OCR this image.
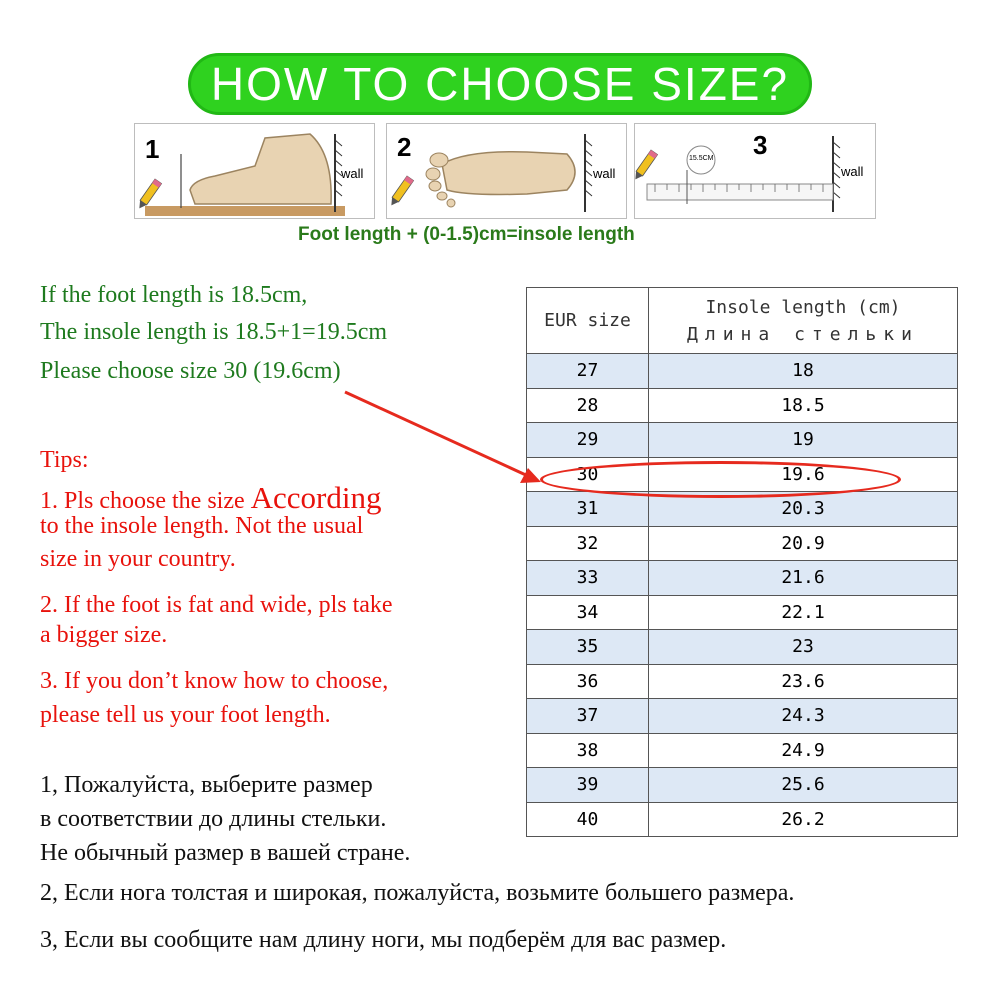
HOW TO CHOOSE SIZE?
1
wall
2
wall
15.5CM 3
wall
Foot length + (0-1.5)cm=insole length
If the foot length is 18.5cm,
The insole length is 18.5+1=19.5cm
Please choose size 30 (19.6cm)
Tips:
1. Pls choose the size According
to the insole length. Not the usual
size in your country.
2. If the foot is fat and wide, pls take
a bigger size.
3. If you don’t know how to choose,
please tell us your foot length.
1, Пожалуйста, выберите размер
в соответствии до длины стельки.
Не обычный размер в вашей стране.
2, Если нога толстая и широкая, пожалуйста, возьмите большего размера.
3, Если вы сообщите нам длину ноги, мы подберём для вас размер.
EUR size	Insole length (cm)
Длина стельки

27	18
28	18.5
29	19
30	19.6
31	20.3
32	20.9
33	21.6
34	22.1
35	23
36	23.6
37	24.3
38	24.9
39	25.6
40	26.2
